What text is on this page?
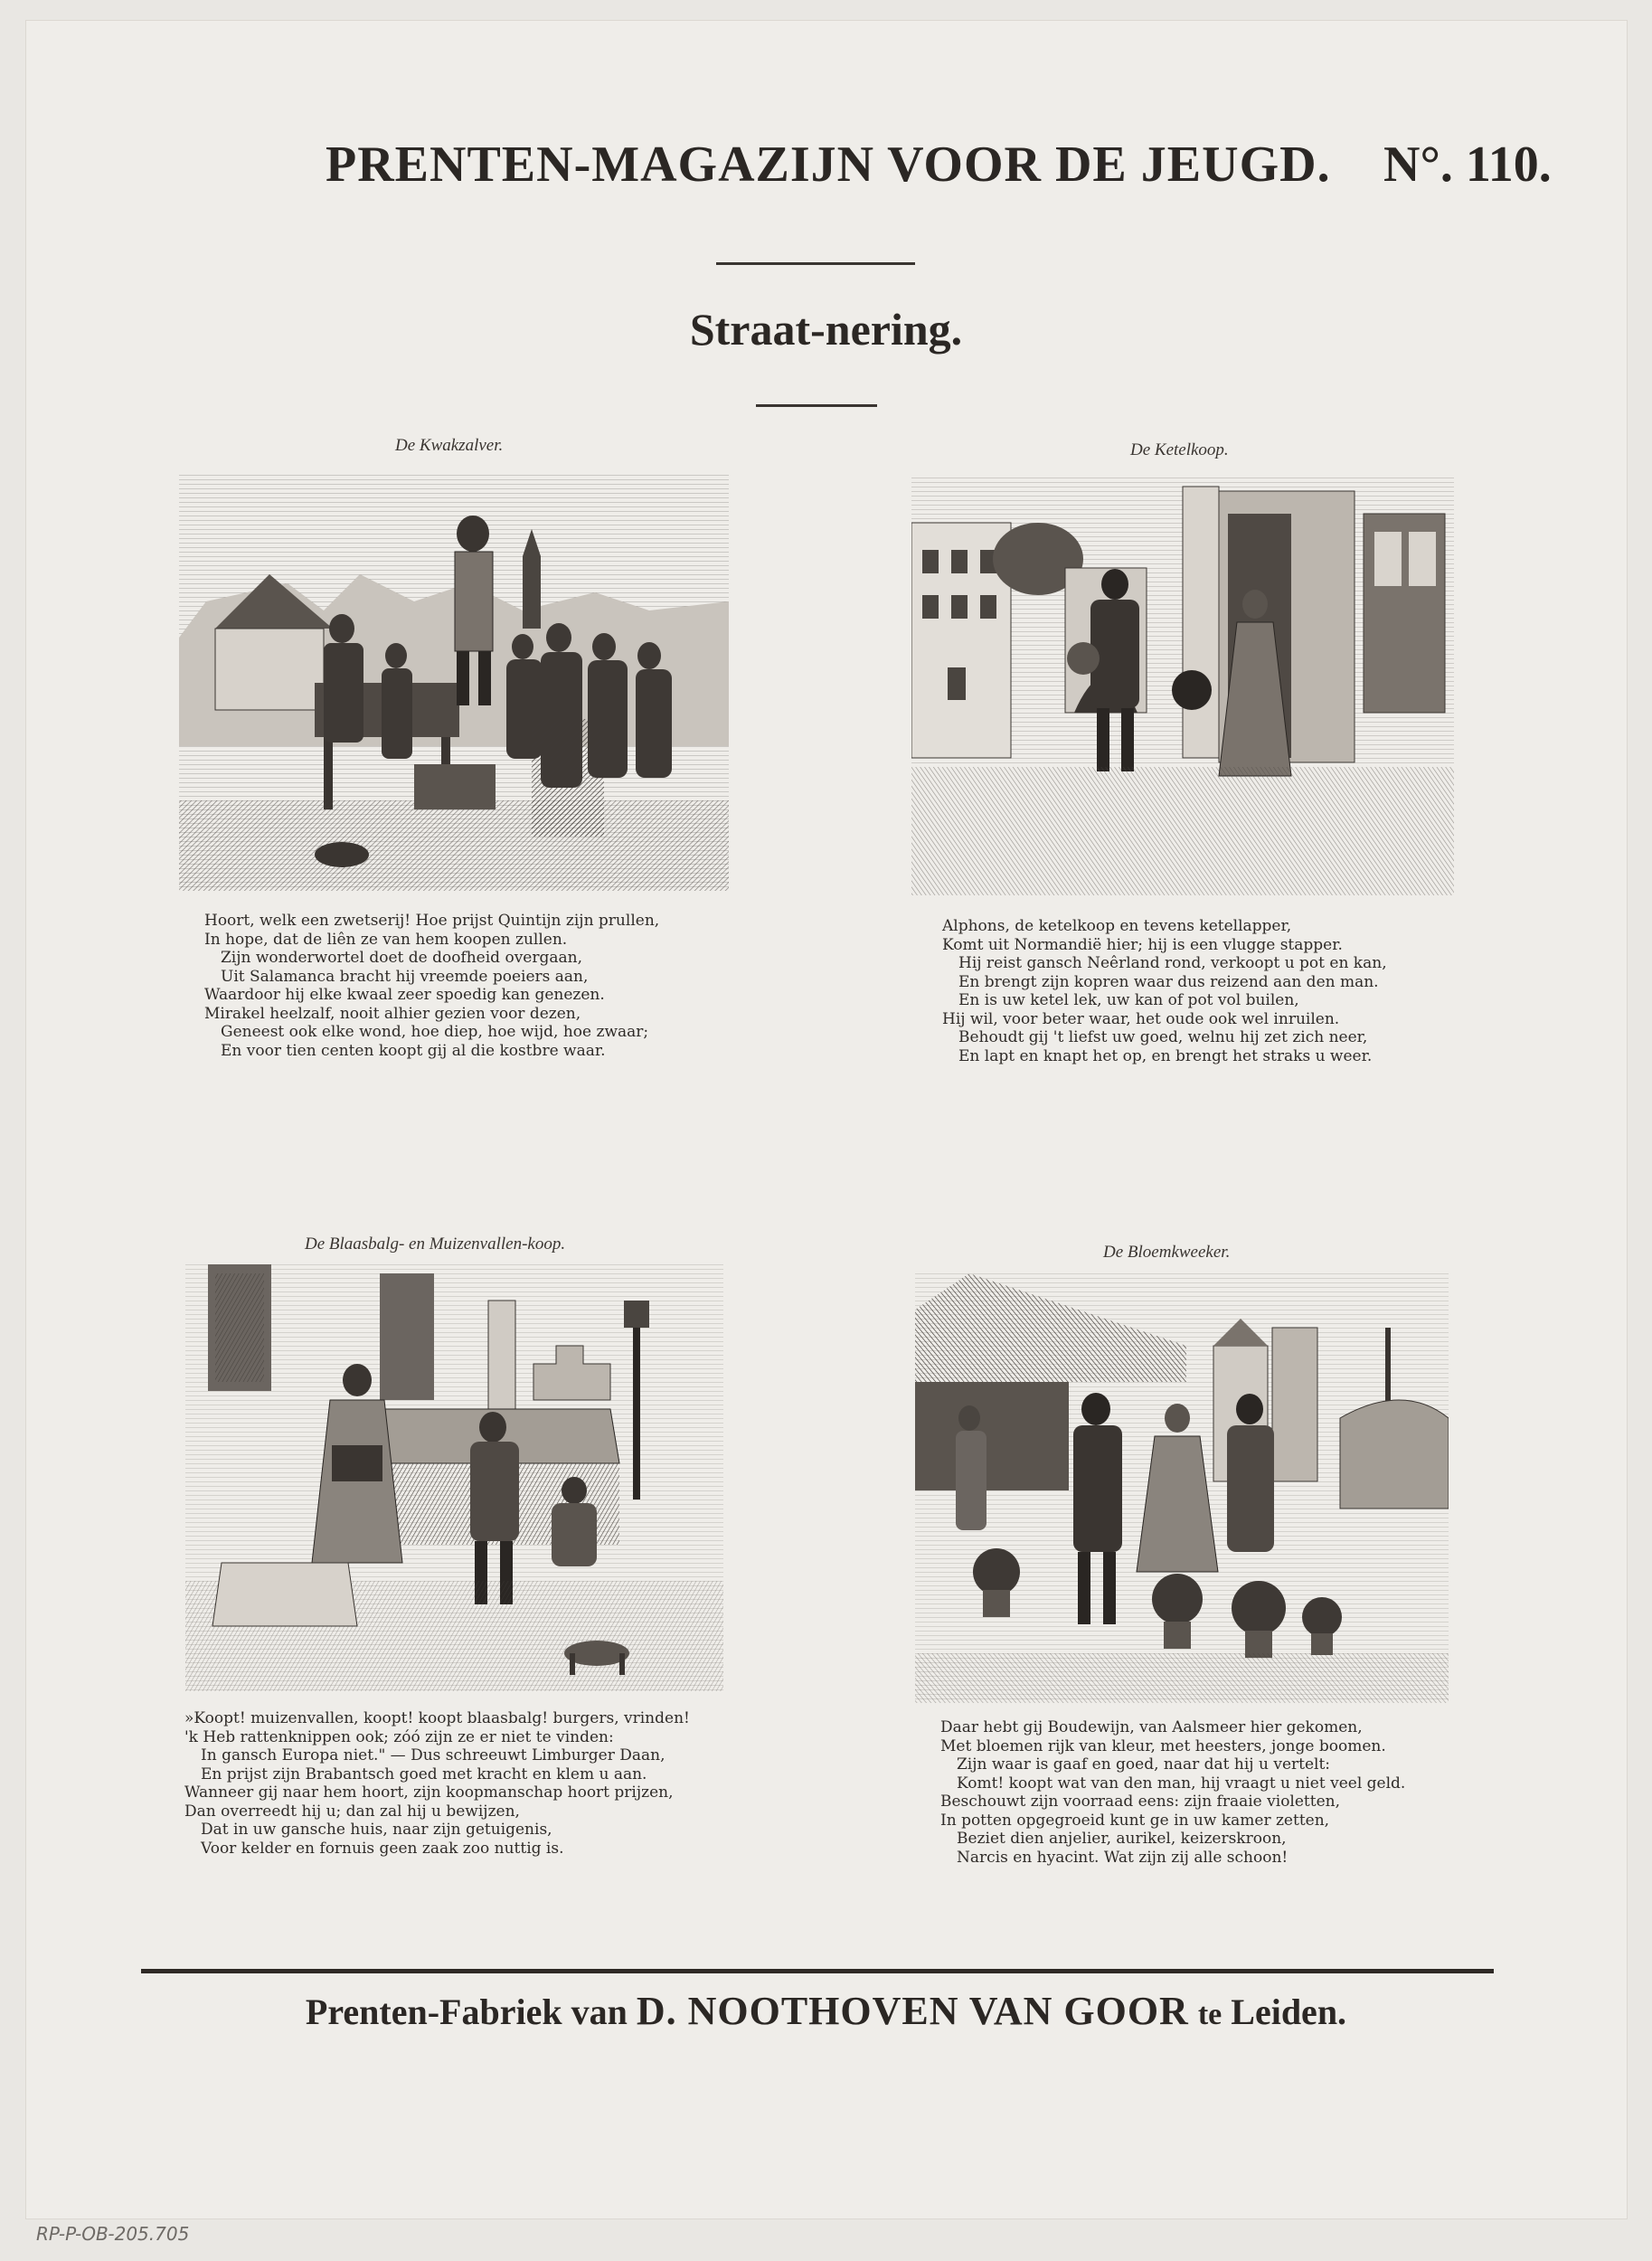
PRENTEN-MAGAZIJN VOOR DE JEUGD. N°. 110.
Straat-nering.
De Kwakzalver.
Hoort, welk een zwetserij! Hoe prijst Quintijn zijn prullen,
In hope, dat de liên ze van hem koopen zullen.
Zijn wonderwortel doet de doofheid overgaan,
Uit Salamanca bracht hij vreemde poeiers aan,
Waardoor hij elke kwaal zeer spoedig kan genezen.
Mirakel heelzalf, nooit alhier gezien voor dezen,
Geneest ook elke wond, hoe diep, hoe wijd, hoe zwaar;
En voor tien centen koopt gij al die kostbre waar.
De Ketelkoop.
Alphons, de ketelkoop en tevens ketellapper,
Komt uit Normandië hier; hij is een vlugge stapper.
Hij reist gansch Neêrland rond, verkoopt u pot en kan,
En brengt zijn kopren waar dus reizend aan den man.
En is uw ketel lek, uw kan of pot vol builen,
Hij wil, voor beter waar, het oude ook wel inruilen.
Behoudt gij 't liefst uw goed, welnu hij zet zich neer,
En lapt en knapt het op, en brengt het straks u weer.
De Blaasbalg- en Muizenvallen-koop.
»Koopt! muizenvallen, koopt! koopt blaasbalg! burgers, vrinden!
'k Heb rattenknippen ook; zóó zijn ze er niet te vinden:
In gansch Europa niet." — Dus schreeuwt Limburger Daan,
En prijst zijn Brabantsch goed met kracht en klem u aan.
Wanneer gij naar hem hoort, zijn koopmanschap hoort prijzen,
Dan overreedt hij u; dan zal hij u bewijzen,
Dat in uw gansche huis, naar zijn getuigenis,
Voor kelder en fornuis geen zaak zoo nuttig is.
De Bloemkweeker.
Daar hebt gij Boudewijn, van Aalsmeer hier gekomen,
Met bloemen rijk van kleur, met heesters, jonge boomen.
Zijn waar is gaaf en goed, naar dat hij u vertelt:
Komt! koopt wat van den man, hij vraagt u niet veel geld.
Beschouwt zijn voorraad eens: zijn fraaie violetten,
In potten opgegroeid kunt ge in uw kamer zetten,
Beziet dien anjelier, aurikel, keizerskroon,
Narcis en hyacint. Wat zijn zij alle schoon!
Prenten-Fabriek van D. NOOTHOVEN VAN GOOR te Leiden.
RP-P-OB-205.705
